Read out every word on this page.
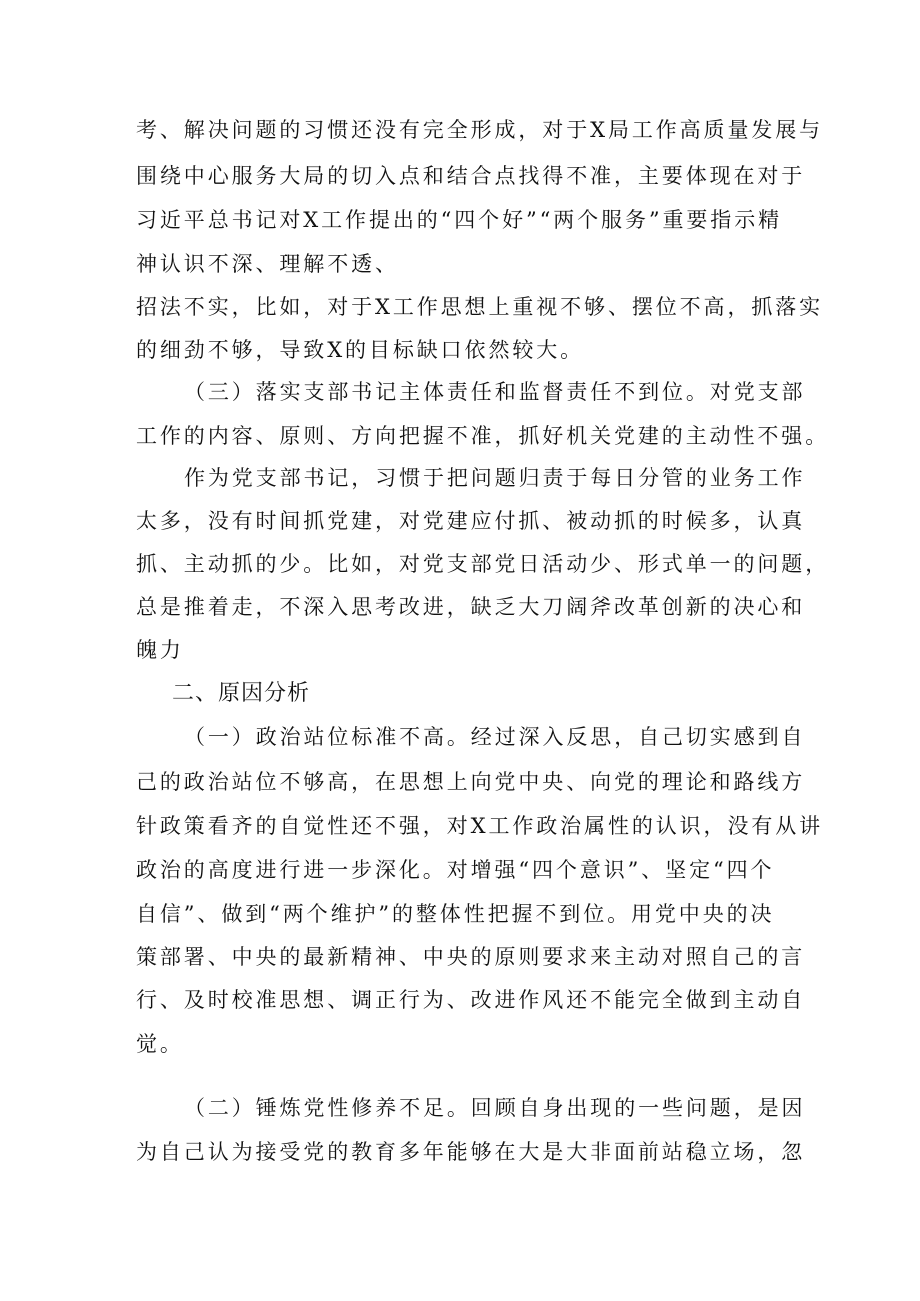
考、解决问题的习惯还没有完全形成，对于X局工作高质量发展与
围绕中心服务大局的切入点和结合点找得不准，主要体现在对于
习近平总书记对X工作提出的“四个好”“两个服务”重要指示精
神认识不深、理解不透、
招法不实，比如，对于X工作思想上重视不够、摆位不高，抓落实
的细劲不够，导致X的目标缺口依然较大。
（三）落实支部书记主体责任和监督责任不到位。对党支部
工作的内容、原则、方向把握不准，抓好机关党建的主动性不强。
作为党支部书记，习惯于把问题归责于每日分管的业务工作
太多，没有时间抓党建，对党建应付抓、被动抓的时候多，认真
抓、主动抓的少。比如，对党支部党日活动少、形式单一的问题，
总是推着走，不深入思考改进，缺乏大刀阔斧改革创新的决心和
魄力
二、原因分析
（一）政治站位标准不高。经过深入反思，自己切实感到自
己的政治站位不够高，在思想上向党中央、向党的理论和路线方
针政策看齐的自觉性还不强，对X工作政治属性的认识，没有从讲
政治的高度进行进一步深化。对增强“四个意识”、坚定“四个
自信”、做到“两个维护”的整体性把握不到位。用党中央的决
策部署、中央的最新精神、中央的原则要求来主动对照自己的言
行、及时校准思想、调正行为、改进作风还不能完全做到主动自
觉。
（二）锤炼党性修养不足。回顾自身出现的一些问题，是因
为自己认为接受党的教育多年能够在大是大非面前站稳立场，忽
